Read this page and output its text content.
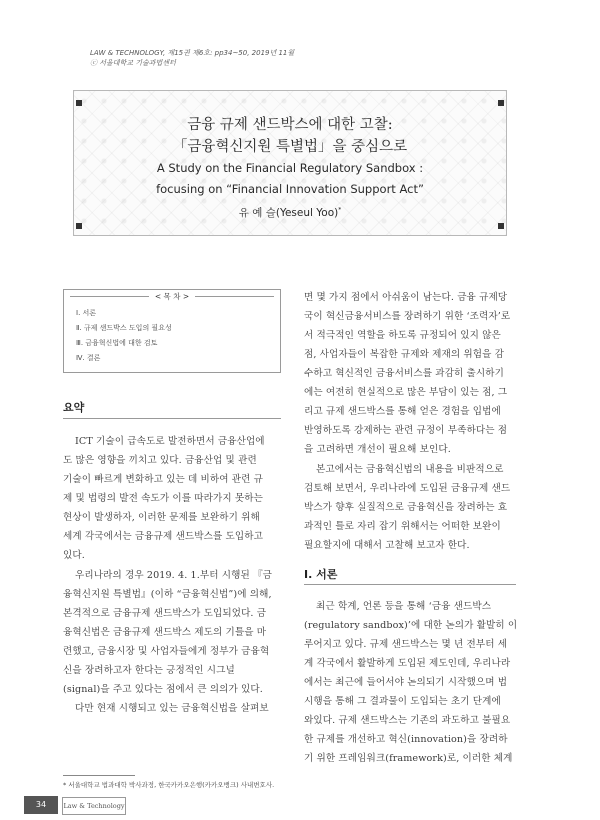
LAW & TECHNOLOGY, 제15권 제6호: pp34~50, 2019년 11월
ⓒ 서울대학교 기술과법센터
금융 규제 샌드박스에 대한 고찰:
「금융혁신지원 특별법」을 중심으로
A Study on the Financial Regulatory Sandbox :
focusing on “Financial Innovation Support Act”
유 예 슬(Yeseul Yoo)*
< 목 차 >
Ⅰ. 서론
Ⅱ. 규제 샌드박스 도입의 필요성
Ⅲ. 금융혁신법에 대한 검토
Ⅳ. 결론
요약
ICT 기술이 급속도로 발전하면서 금융산업에
도 많은 영향을 끼치고 있다. 금융산업 및 관련
기술이 빠르게 변화하고 있는 데 비하여 관련 규
제 및 법령의 발전 속도가 이를 따라가지 못하는
현상이 발생하자, 이러한 문제를 보완하기 위해
세계 각국에서는 금융규제 샌드박스를 도입하고
있다.
우리나라의 경우 2019. 4. 1.부터 시행된 『금
융혁신지원 특별법』(이하 “금융혁신법”)에 의해,
본격적으로 금융규제 샌드박스가 도입되었다. 금
융혁신법은 금융규제 샌드박스 제도의 기틀을 마
련했고, 금융시장 및 사업자들에게 정부가 금융혁
신을 장려하고자 한다는 긍정적인 시그널
(signal)을 주고 있다는 점에서 큰 의의가 있다.
다만 현재 시행되고 있는 금융혁신법을 살펴보
면 몇 가지 점에서 아쉬움이 남는다. 금융 규제당
국이 혁신금융서비스를 장려하기 위한 ‘조력자’로
서 적극적인 역할을 하도록 규정되어 있지 않은
점, 사업자들이 복잡한 규제와 제재의 위험을 감
수하고 혁신적인 금융서비스를 과감히 출시하기
에는 여전히 현실적으로 많은 부담이 있는 점, 그
리고 규제 샌드박스를 통해 얻은 경험을 입법에
반영하도록 강제하는 관련 규정이 부족하다는 점
을 고려하면 개선이 필요해 보인다.
본고에서는 금융혁신법의 내용을 비판적으로
검토해 보면서, 우리나라에 도입된 금융규제 샌드
박스가 향후 실질적으로 금융혁신을 장려하는 효
과적인 틀로 자리 잡기 위해서는 어떠한 보완이
필요할지에 대해서 고찰해 보고자 한다.
Ⅰ. 서론
최근 학계, 언론 등을 통해 ‘금융 샌드박스
(regulatory sandbox)’에 대한 논의가 활발히 이
루어지고 있다. 규제 샌드박스는 몇 년 전부터 세
계 각국에서 활발하게 도입된 제도인데, 우리나라
에서는 최근에 들어서야 논의되기 시작했으며 법
시행을 통해 그 결과물이 도입되는 초기 단계에
와있다. 규제 샌드박스는 기존의 과도하고 불필요
한 규제를 개선하고 혁신(innovation)을 장려하
기 위한 프레임워크(framework)로, 이러한 체계
* 서울대학교 법과대학 박사과정, 한국카카오은행(카카오뱅크) 사내변호사.
34	Law & Technology
